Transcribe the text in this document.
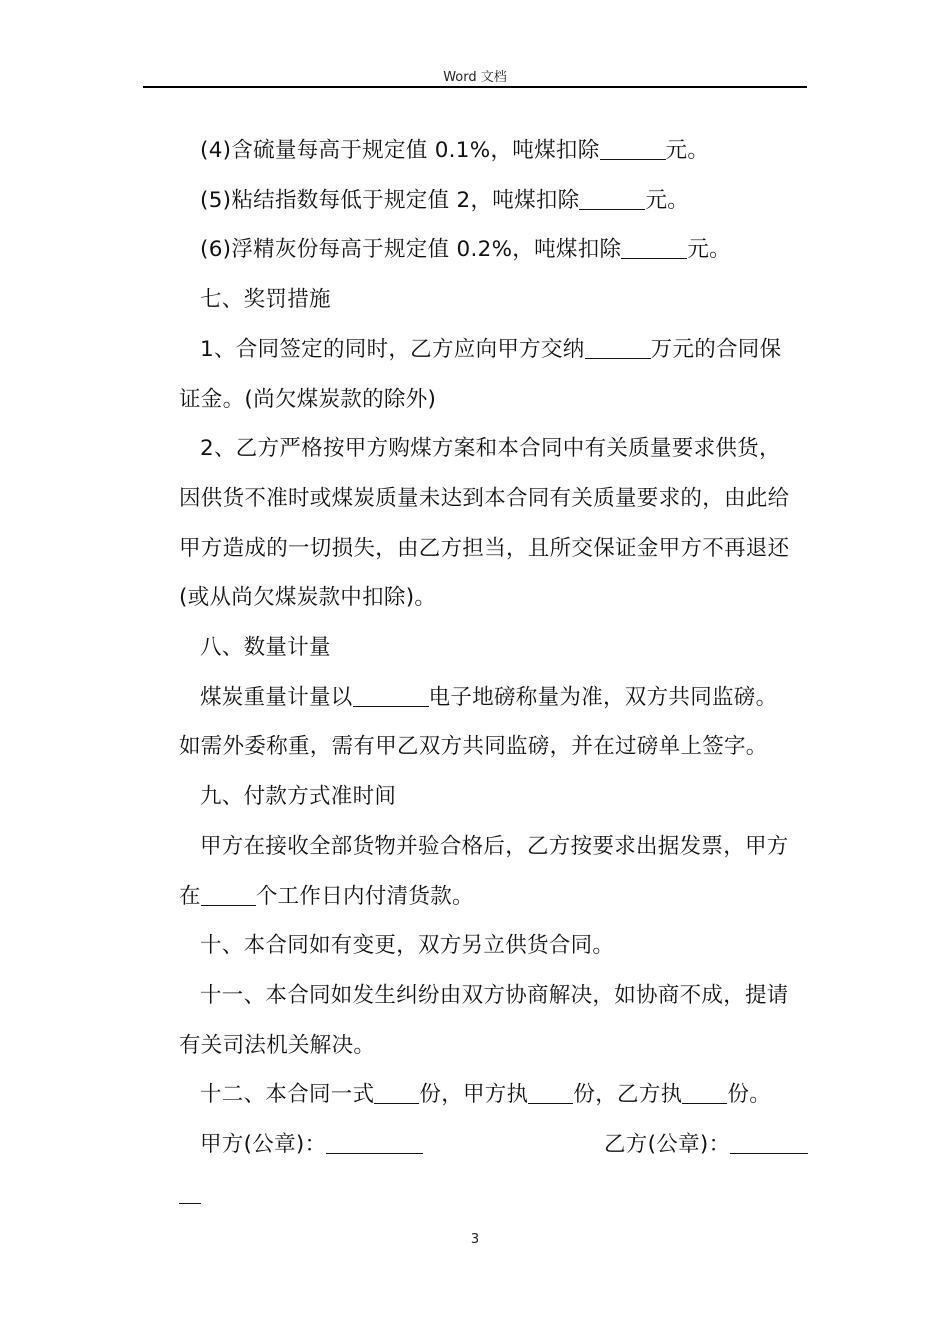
Word 文档

(4)含硫量每高于规定值 0.1%，吨煤扣除	元。

(5)粘结指数每低于规定值 2，吨煤扣除	元。

(6)浮精灰份每高于规定值 0.2%，吨煤扣除	元。

七、奖罚措施

1、合同签定的同时，乙方应向甲方交纳	万元的合同保

证金。(尚欠煤炭款的除外)

2、乙方严格按甲方购煤方案和本合同中有关质量要求供货，

因供货不准时或煤炭质量未达到本合同有关质量要求的，由此给

甲方造成的一切损失，由乙方担当，且所交保证金甲方不再退还

(或从尚欠煤炭款中扣除)。

八、数量计量

煤炭重量计量以	电子地磅称量为准，双方共同监磅。

如需外委称重，需有甲乙双方共同监磅，并在过磅单上签字。

九、付款方式准时间

甲方在接收全部货物并验合格后，乙方按要求出据发票，甲方

在	个工作日内付清货款。

十、本合同如有变更，双方另立供货合同。

十一、本合同如发生纠纷由双方协商解决，如协商不成，提请

有关司法机关解决。

十二、本合同一式 份，甲方执 份，乙方执 份。

甲方(公章)：	乙方(公章)：

3
